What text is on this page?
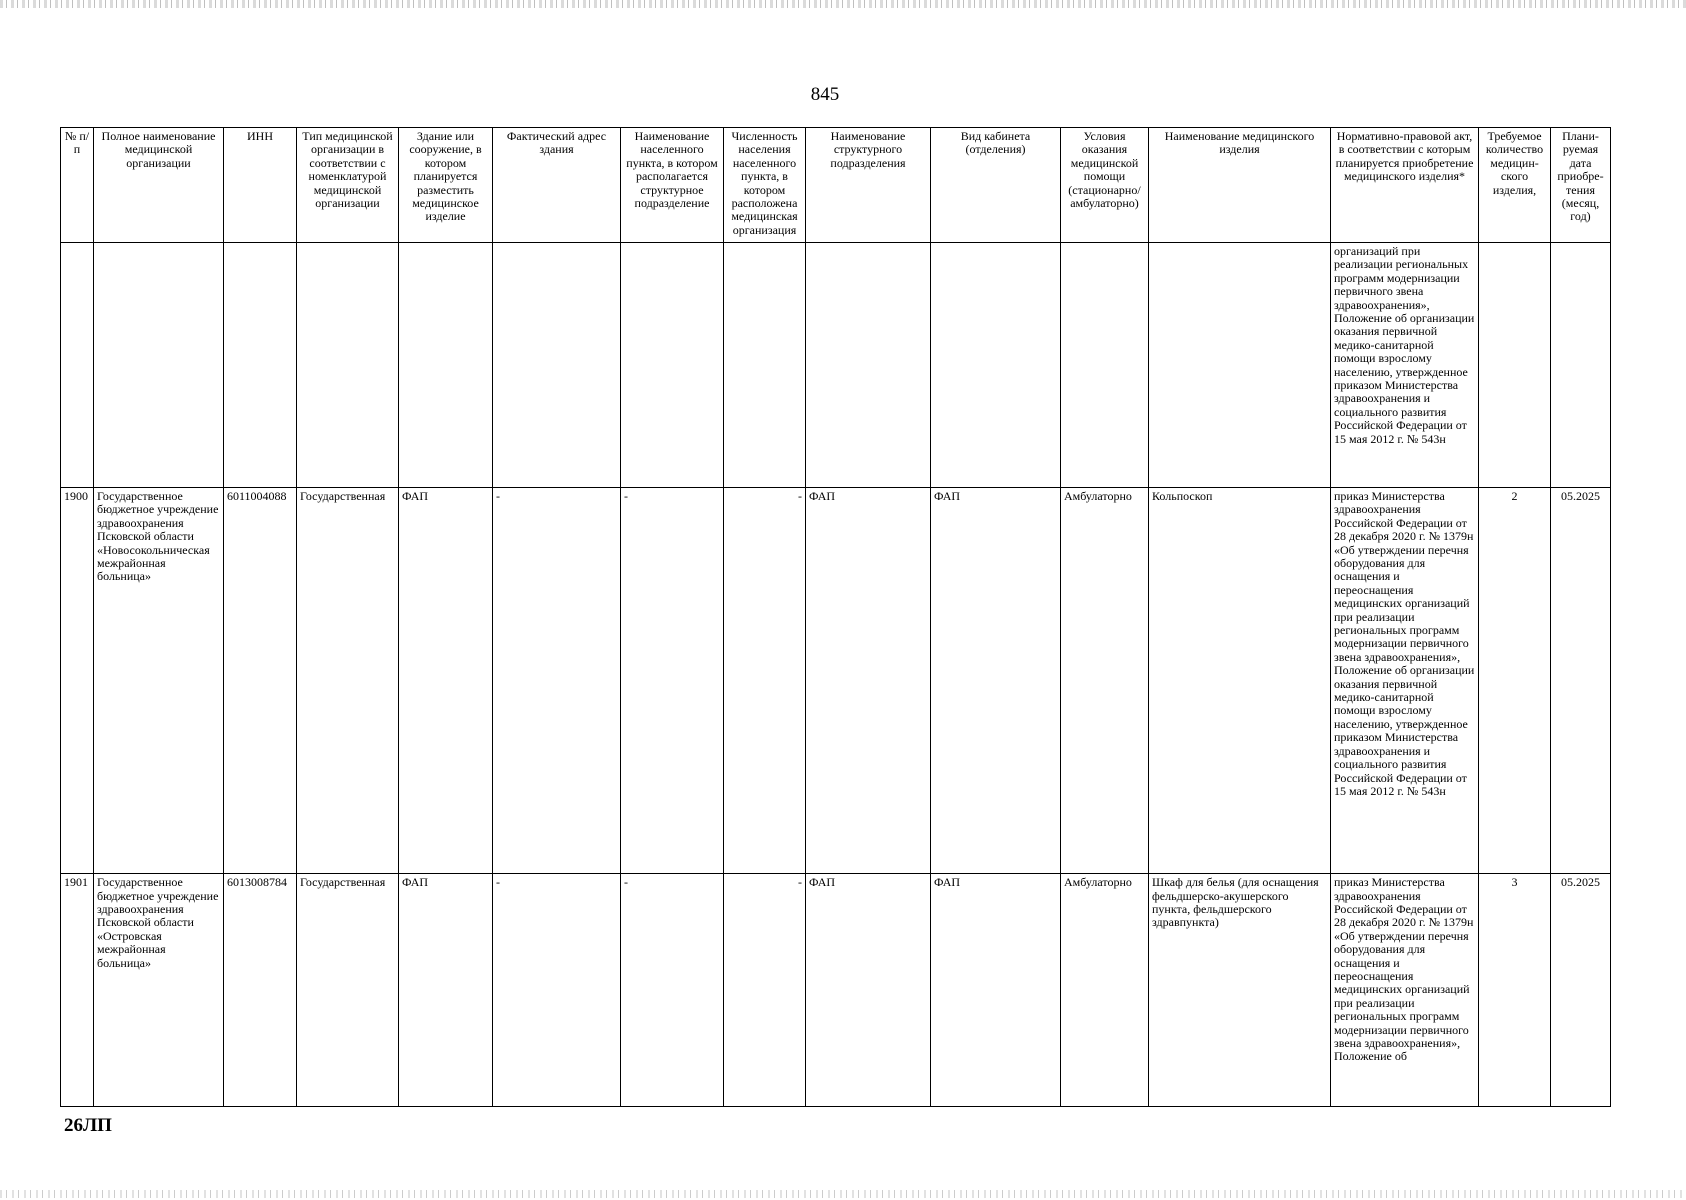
845
№ п/п	Полное наименование медицинской организации	ИНН	Тип медицинской организации в соответствии с номенклатурой медицинской организации	Здание или сооружение, в котором планируется разместить медицинское изделие	Фактический адрес здания	Наименование населенного пункта, в котором располагается структурное подразделение	Численность населения населенного пункта, в котором расположена медицинская организация	Наименование структурного подразделения	Вид кабинета (отделения)	Условия оказания медицинской помощи (стационарно/ амбулаторно)	Наименование медицинского изделия	Нормативно-правовой акт, в соответствии с которым планируется приобретение медицинского изделия*	Требуемое количество медицин-ского изделия,	Плани-руемая дата приобре-тения (месяц, год)
												организаций при реализации региональных программ модернизации первичного звена здравоохранения», Положение об организации оказания первичной медико-санитарной помощи взрослому населению, утвержденное приказом Министерства здравоохранения и социального развития Российской Федерации от 15 мая 2012 г. № 543н		
1900	Государственное бюджетное учреждение здравоохранения Псковской области «Новосокольническая межрайонная больница»	6011004088	Государственная	ФАП	-	-	-	ФАП	ФАП	Амбулаторно	Кольпоскоп	приказ Министерства здравоохранения Российской Федерации от 28 декабря 2020 г. № 1379н «Об утверждении перечня оборудования для оснащения и переоснащения медицинских организаций при реализации региональных программ модернизации первичного звена здравоохранения», Положение об организации оказания первичной медико-санитарной помощи взрослому населению, утвержденное приказом Министерства здравоохранения и социального развития Российской Федерации от 15 мая 2012 г. № 543н	2	05.2025
1901	Государственное бюджетное учреждение здравоохранения Псковской области «Островская межрайонная больница»	6013008784	Государственная	ФАП	-	-	-	ФАП	ФАП	Амбулаторно	Шкаф для белья (для оснащения фельдшерско-акушерского пункта, фельдшерского здравпункта)	приказ Министерства здравоохранения Российской Федерации от 28 декабря 2020 г. № 1379н «Об утверждении перечня оборудования для оснащения и переоснащения медицинских организаций при реализации региональных программ модернизации первичного звена здравоохранения», Положение об	3	05.2025
26ЛП
